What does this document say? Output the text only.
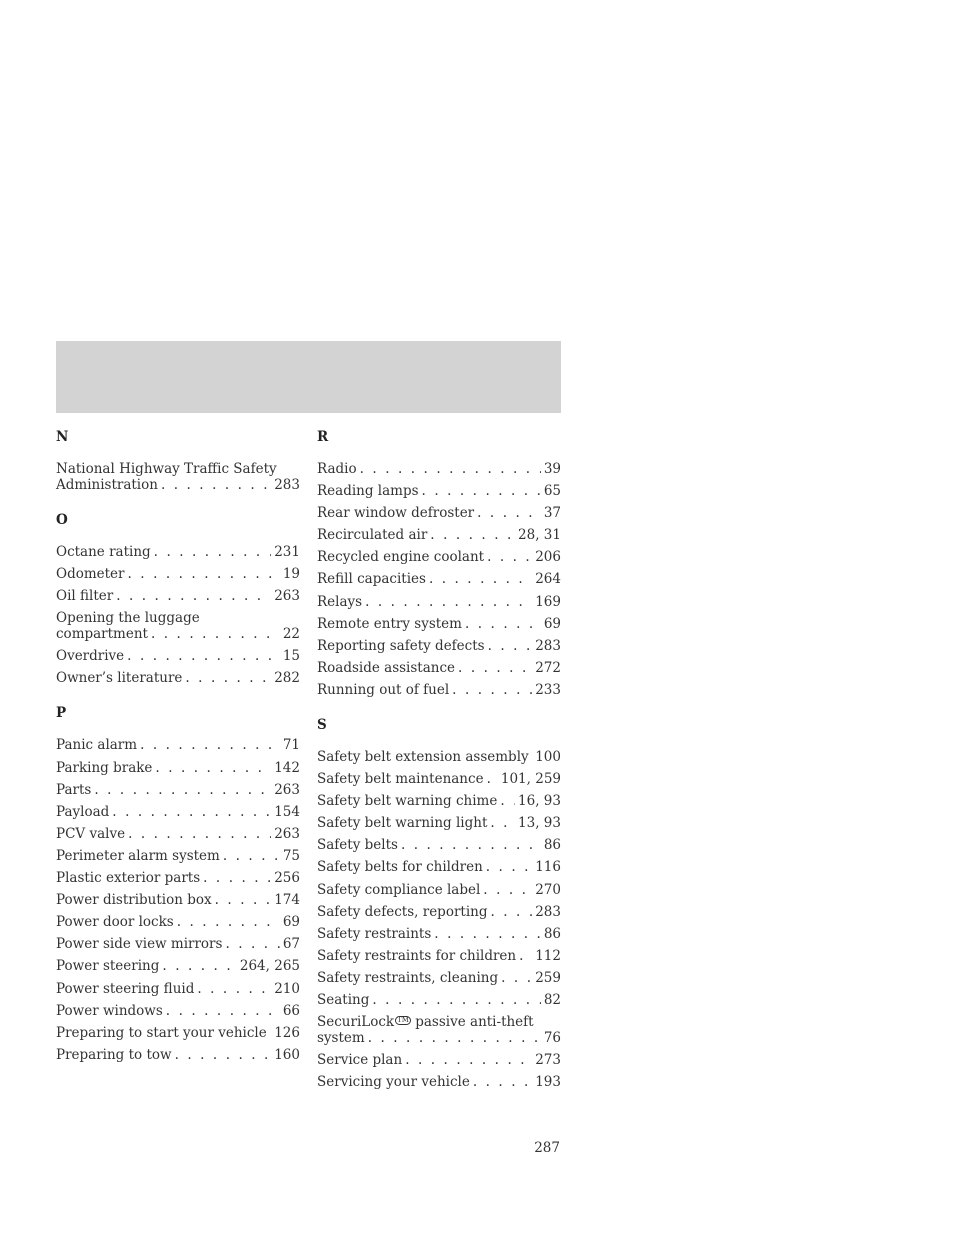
N
National Highway Traffic Safety
Administration . . .	283
O
Octane rating . . .	231
Odometer . . .	19
Oil filter . . .	263
Opening the luggage
compartment . . .	22
Overdrive . . .	15
Owner’s literature . . .	282
P
Panic alarm . . .	71
Parking brake . . .	142
Parts . . .	263
Payload . . .	154
PCV valve . . .	263
Perimeter alarm system . . .	75
Plastic exterior parts . . .	256
Power distribution box . . .	174
Power door locks . . .	69
Power side view mirrors . . .	67
Power steering . . .	264, 265
Power steering fluid . . .	210
Power windows . . .	66
Preparing to start your vehicle . . . 126
Preparing to tow . . .	160
R
Radio . . .	39
Reading lamps . . .	65
Rear window defroster . . .	37
Recirculated air . . .	28, 31
Recycled engine coolant . . .	206
Refill capacities . . .	264
Relays . . .	169
Remote entry system . . .	69
Reporting safety defects . . .	283
Roadside assistance . . .	272
Running out of fuel . . .	233
S
Safety belt extension assembly . . . 100
Safety belt maintenance . . . 101, 259
Safety belt warning chime . . . 16, 93
Safety belt warning light . . . 13, 93
Safety belts . . .	86
Safety belts for children . . .	116
Safety compliance label . . .	270
Safety defects, reporting . . .	283
Safety restraints . . .	86
Safety restraints for children . . . 112
Safety restraints, cleaning . . .	259
Seating . . .	82
SecuriLock TM passive anti-theft
system . . .	76
Service plan . . .	273
Servicing your vehicle . . .	193
287
